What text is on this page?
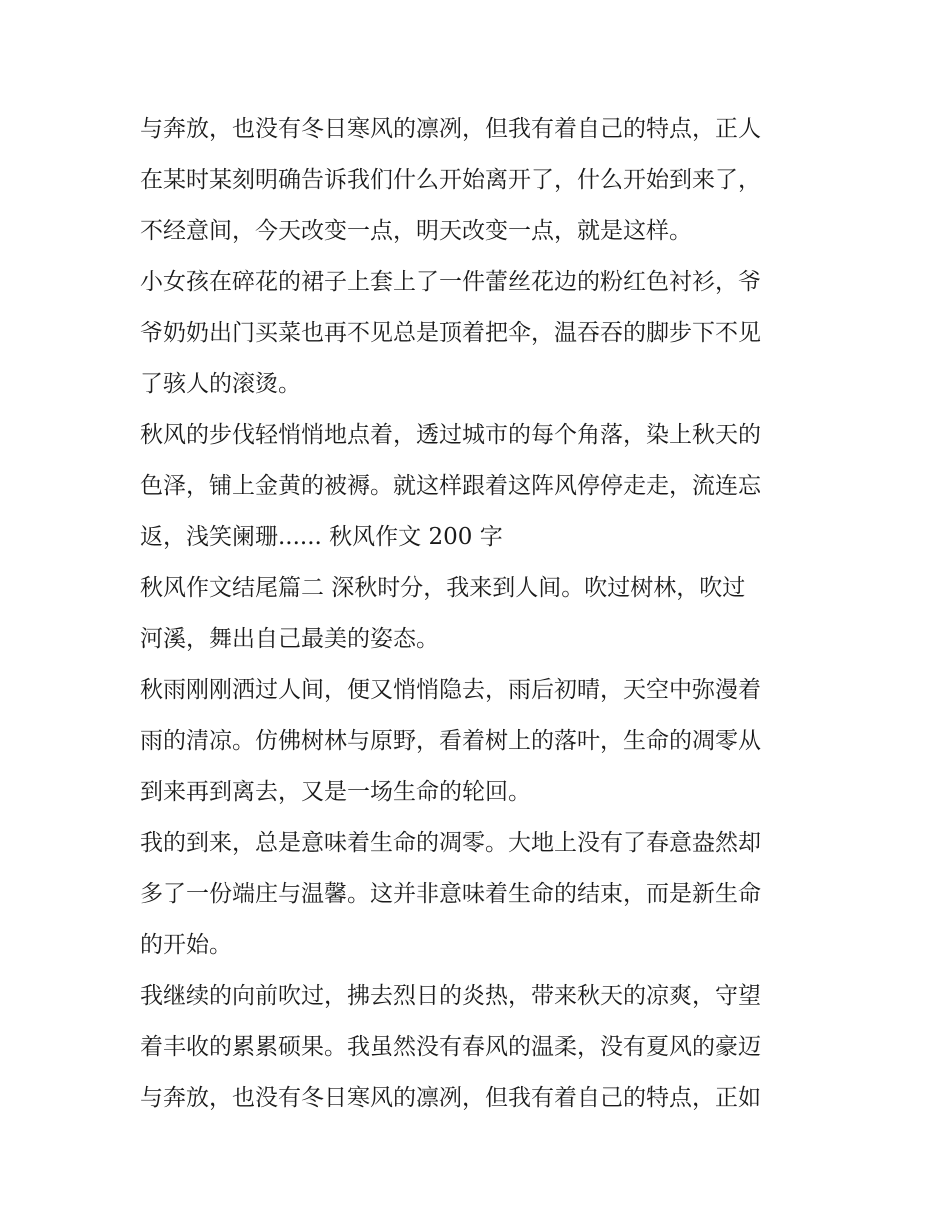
与奔放，也没有冬日寒风的凛冽，但我有着自己的特点，正人
在某时某刻明确告诉我们什么开始离开了，什么开始到来了，
不经意间，今天改变一点，明天改变一点，就是这样。

小女孩在碎花的裙子上套上了一件蕾丝花边的粉红色衬衫，爷
爷奶奶出门买菜也再不见总是顶着把伞，温吞吞的脚步下不见
了骇人的滚烫。

秋风的步伐轻悄悄地点着，透过城市的每个角落，染上秋天的
色泽，铺上金黄的被褥。就这样跟着这阵风停停走走，流连忘
返，浅笑阑珊...... 秋风作文 200 字

秋风作文结尾篇二 深秋时分，我来到人间。吹过树林，吹过
河溪，舞出自己最美的姿态。

秋雨刚刚洒过人间，便又悄悄隐去，雨后初晴，天空中弥漫着
雨的清凉。仿佛树林与原野，看着树上的落叶，生命的凋零从
到来再到离去，又是一场生命的轮回。

我的到来，总是意味着生命的凋零。大地上没有了春意盎然却
多了一份端庄与温馨。这并非意味着生命的结束，而是新生命
的开始。

我继续的向前吹过，拂去烈日的炎热，带来秋天的凉爽，守望
着丰收的累累硕果。我虽然没有春风的温柔，没有夏风的豪迈
与奔放，也没有冬日寒风的凛冽，但我有着自己的特点，正如
